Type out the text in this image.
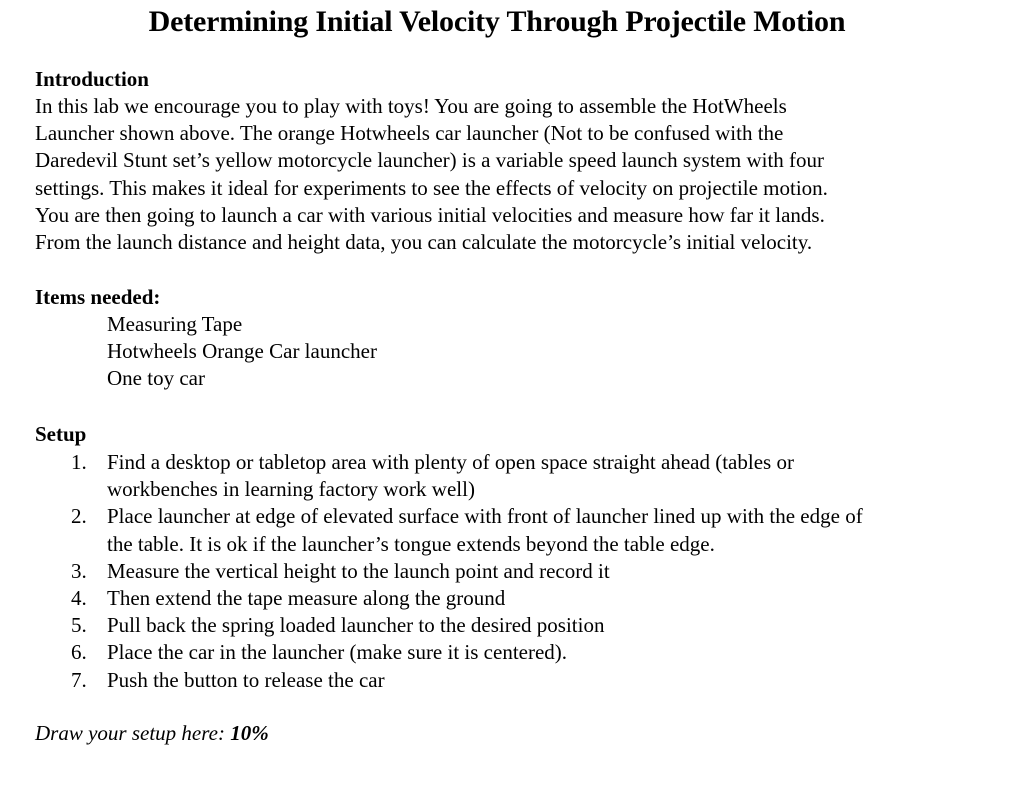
Determining Initial Velocity Through Projectile Motion
Introduction
In this lab we encourage you to play with toys! You are going to assemble the HotWheels
Launcher shown above. The orange Hotwheels car launcher (Not to be confused with the
Daredevil Stunt set’s yellow motorcycle launcher) is a variable speed launch system with four
settings. This makes it ideal for experiments to see the effects of velocity on projectile motion.
You are then going to launch a car with various initial velocities and measure how far it lands.
From the launch distance and height data, you can calculate the motorcycle’s initial velocity.
Items needed:
Measuring Tape
Hotwheels Orange Car launcher
One toy car
Setup
1. Find a desktop or tabletop area with plenty of open space straight ahead (tables or
workbenches in learning factory work well)
2. Place launcher at edge of elevated surface with front of launcher lined up with the edge of
the table. It is ok if the launcher’s tongue extends beyond the table edge.
3. Measure the vertical height to the launch point and record it
4. Then extend the tape measure along the ground
5. Pull back the spring loaded launcher to the desired position
6. Place the car in the launcher (make sure it is centered).
7. Push the button to release the car
Draw your setup here: 10%
